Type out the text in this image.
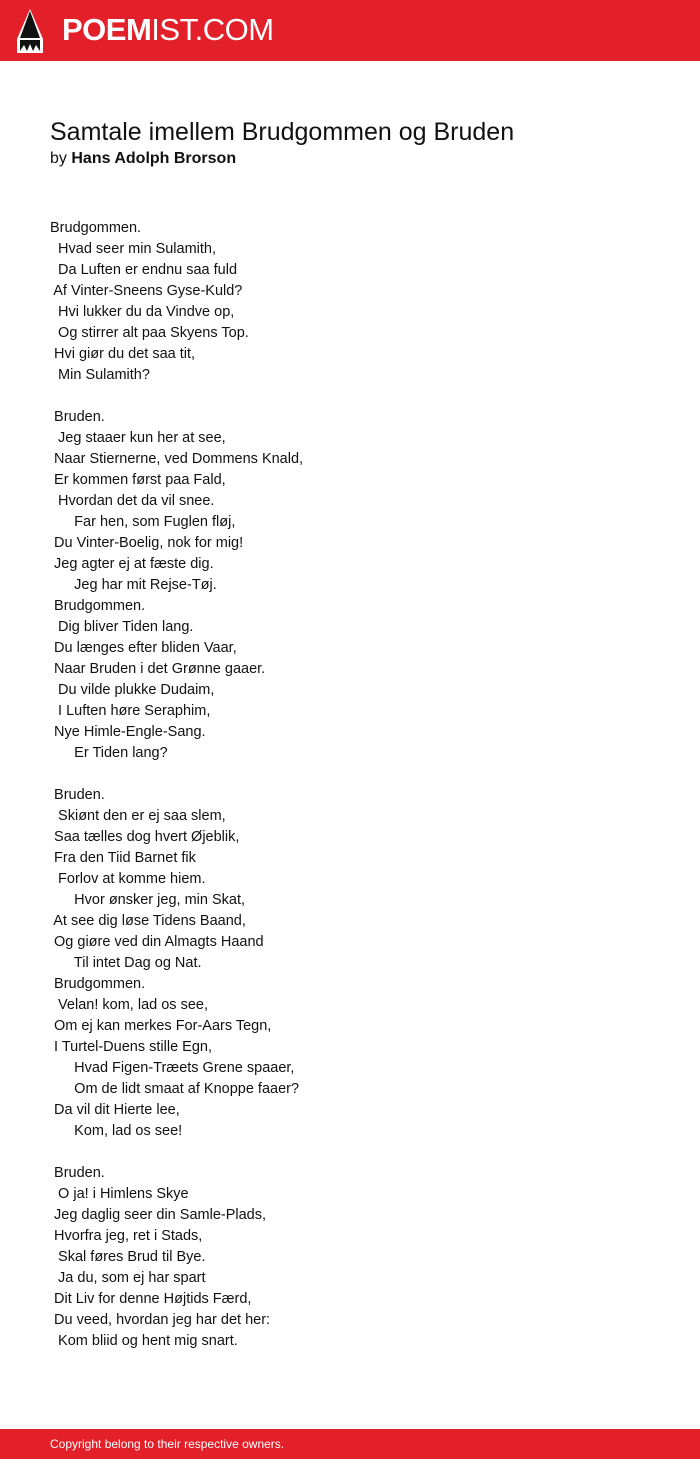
POEMIST.COM
Samtale imellem Brudgommen og Bruden
by Hans Adolph Brorson
Brudgommen.
Hvad seer min Sulamith,
Da Luften er endnu saa fuld
Af Vinter-Sneens Gyse-Kuld?
Hvi lukker du da Vindve op,
Og stirrer alt paa Skyens Top.
Hvi giør du det saa tit,
Min Sulamith?

Bruden.
Jeg staaer kun her at see,
Naar Stiernerne, ved Dommens Knald,
Er kommen først paa Fald,
Hvordan det da vil snee.
Far hen, som Fuglen fløj,
Du Vinter-Boelig, nok for mig!
Jeg agter ej at fæste dig.
Jeg har mit Rejse-Tøj.
Brudgommen.
Dig bliver Tiden lang.
Du længes efter bliden Vaar,
Naar Bruden i det Grønne gaaer.
Du vilde plukke Dudaim,
I Luften høre Seraphim,
Nye Himle-Engle-Sang.
Er Tiden lang?

Bruden.
Skiønt den er ej saa slem,
Saa tælles dog hvert Øjeblik,
Fra den Tiid Barnet fik
Forlov at komme hiem.
Hvor ønsker jeg, min Skat,
At see dig løse Tidens Baand,
Og giøre ved din Almagts Haand
Til intet Dag og Nat.
Brudgommen.
Velan! kom, lad os see,
Om ej kan merkes For-Aars Tegn,
I Turtel-Duens stille Egn,
Hvad Figen-Træets Grene spaaer,
Om de lidt smaat af Knoppe faaer?
Da vil dit Hierte lee,
Kom, lad os see!

Bruden.
O ja! i Himlens Skye
Jeg daglig seer din Samle-Plads,
Hvorfra jeg, ret i Stads,
Skal føres Brud til Bye.
Ja du, som ej har spart
Dit Liv for denne Højtids Færd,
Du veed, hvordan jeg har det her:
Kom bliid og hent mig snart.
Copyright belong to their respective owners.
